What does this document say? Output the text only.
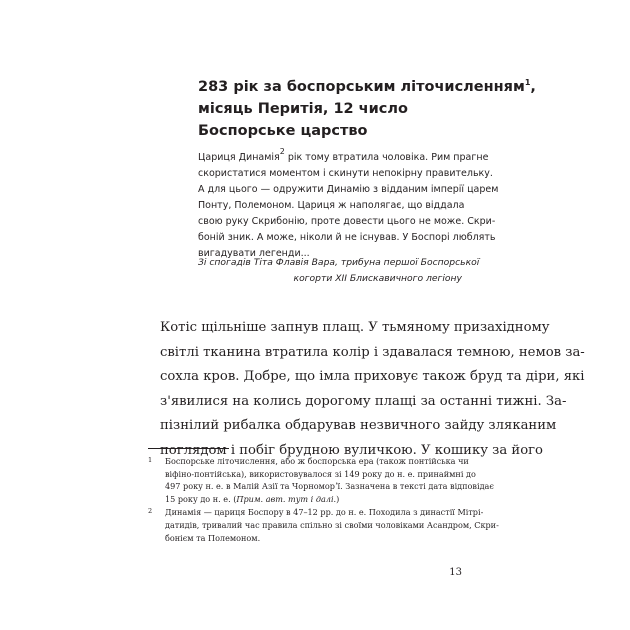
283 рік за боспорським літочисленням$^1$,
місяць Перитія, 12 число
Боспорське царство
Цариця Динамія$^2$ рік тому втратила чоловіка. Рим прагне
скористатися моментом і скинути непокірну правительку.
А для цього — одружити Динамію з відданим імперії царем
Понту, Полемоном. Цариця ж наполягає, що віддала
свою руку Скрибонію, проте довести цього не може. Скри-
боній зник. А може, ніколи й не існував. У Боспорі люблять
вигадувати легенди...
Зі спогадів Тіта Флавія Вара, трибуна першої Боспорської
когорти XII Блискавичного легіону
Котіс щільніше запнув плащ. У тьмяному призахідному
світлі тканина втратила колір і здавалася темною, немов за-
сохла кров. Добре, що імла приховує також бруд та діри, які
з'явилися на колись дорогому плащі за останні тижні. За-
пізнілий рибалка обдарував незвичного зайду зляканим
поглядом і побіг брудною вуличкою. У кошику за його
1 Боспорське літочислення, або ж боспорська ера (також понтійська чи
віфіно-понтійська), використовувалося зі 149 року до н. е. принаймні до
497 року н. е. в Малій Азії та Чорноморʼї. Зазначена в тексті дата відповідає
15 року до н. е. (Прим. авт. тут і далі.)
2 Динамія — цариця Боспору в 47–12 рр. до н. е. Походила з династії Мітрі-
датидів, тривалий час правила спільно зі своїми чоловіками Асандром, Скри-
бонієм та Полемоном.
13
